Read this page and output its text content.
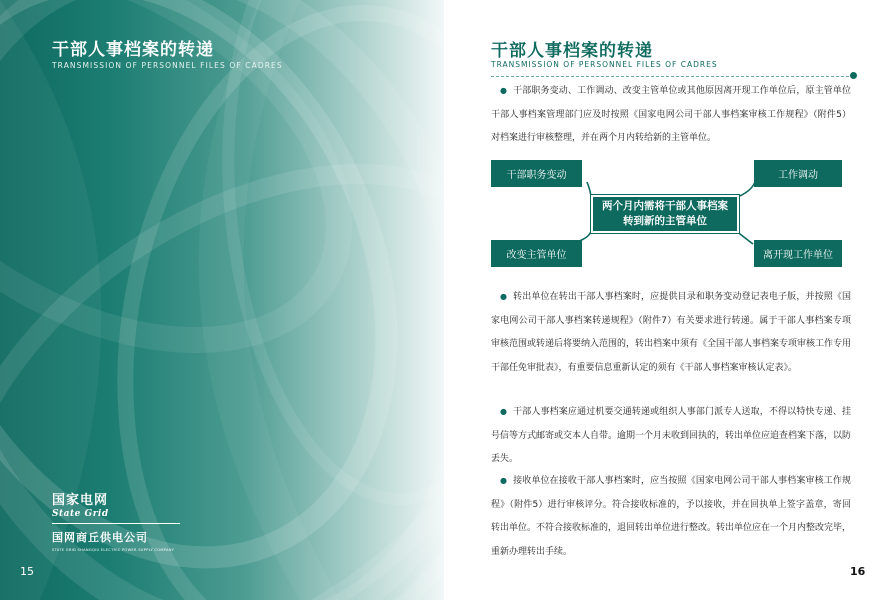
干部人事档案的转递
TRANSMISSION OF PERSONNEL FILES OF CADRES
国家电网
State Grid
国网商丘供电公司
STATE GRID SHANGQIU ELECTRIC POWER SUPPLY COMPANY
15
干部人事档案的转递
TRANSMISSION OF PERSONNEL FILES OF CADRES
● 干部职务变动、工作调动、改变主管单位或其他原因离开现工作单位后，原主管单位干部人事档案管理部门应及时按照《国家电网公司干部人事档案审核工作规程》（附件5）对档案进行审核整理，并在两个月内转给新的主管单位。
干部职务变动	工作调动
两个月内需将干部人事档案
转到新的主管单位
改变主管单位	离开现工作单位
● 转出单位在转出干部人事档案时，应提供目录和职务变动登记表电子版，并按照《国家电网公司干部人事档案转递规程》（附件7）有关要求进行转递。属于干部人事档案专项审核范围或转递后将要纳入范围的，转出档案中须有《全国干部人事档案专项审核工作专用干部任免审批表》，有重要信息重新认定的须有《干部人事档案审核认定表》。
● 干部人事档案应通过机要交通转递或组织人事部门派专人送取，不得以特快专递、挂号信等方式邮寄或交本人自带。逾期一个月未收到回执的，转出单位应追查档案下落，以防丢失。
● 接收单位在接收干部人事档案时，应当按照《国家电网公司干部人事档案审核工作规程》（附件5）进行审核评分。符合接收标准的，予以接收，并在回执单上签字盖章，寄回转出单位。不符合接收标准的，退回转出单位进行整改。转出单位应在一个月内整改完毕，重新办理转出手续。
16
